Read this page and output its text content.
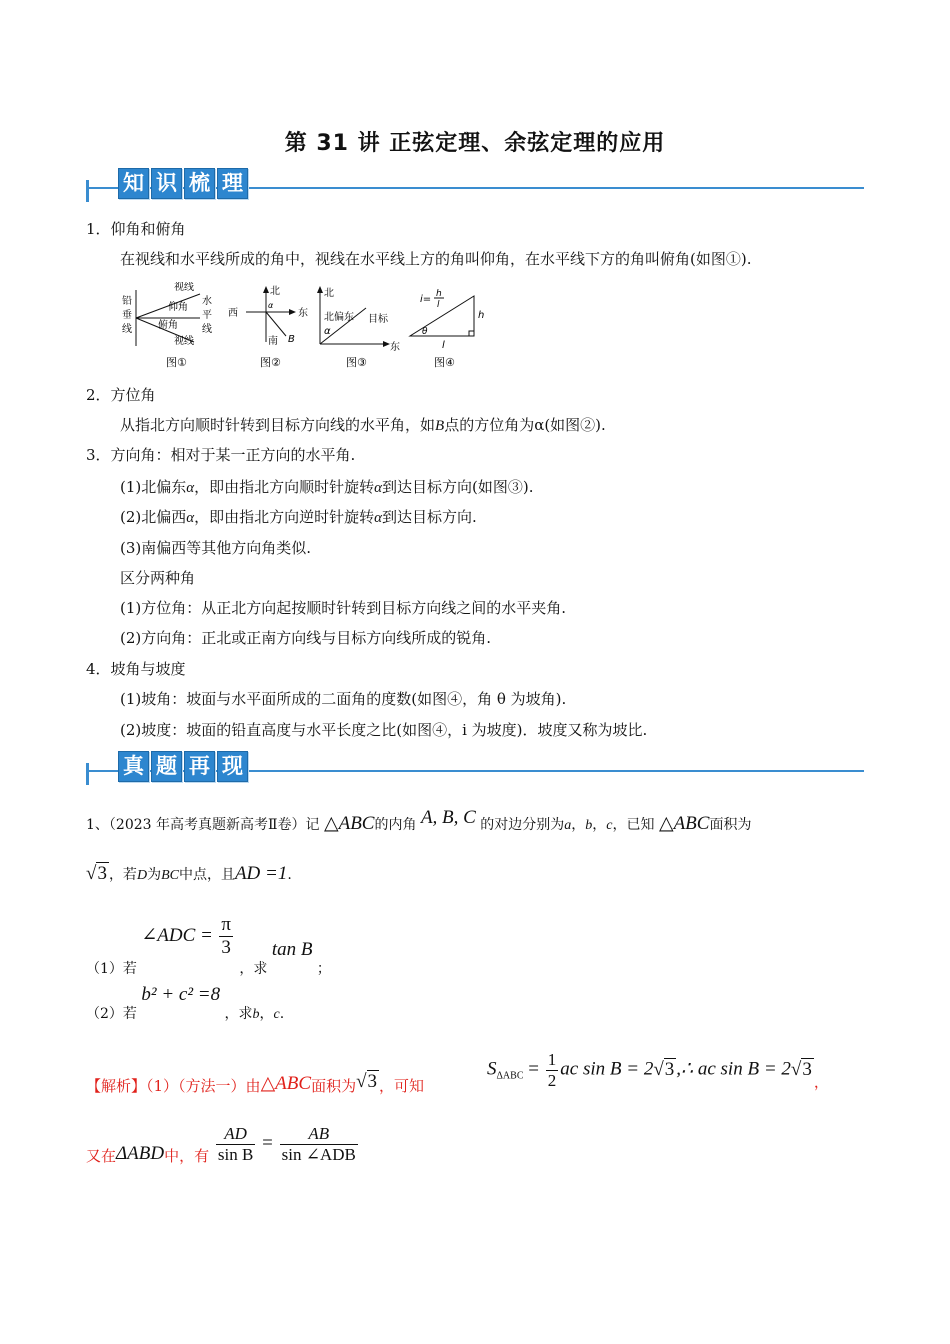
第 31 讲 正弦定理、余弦定理的应用
知 识 梳 理
1．仰角和俯角
在视线和水平线所成的角中，视线在水平线上方的角叫仰角，在水平线下方的角叫俯角(如图①).
铅
垂
线
视线
仰角
水
平
线
俯角
视线
图①
北
西	东
南 B
α
图②
北
北偏东
α
目标
东
图③
i= h
l
h
θ
l
图④
2．方位角
从指北方向顺时针转到目标方向线的水平角，如B点的方位角为α(如图②).
3．方向角：相对于某一正方向的水平角.
(1)北偏东α，即由指北方向顺时针旋转α到达目标方向(如图③).
(2)北偏西α，即由指北方向逆时针旋转α到达目标方向.
(3)南偏西等其他方向角类似.
区分两种角
(1)方位角：从正北方向起按顺时针转到目标方向线之间的水平夹角.
(2)方向角：正北或正南方向线与目标方向线所成的锐角.
4．坡角与坡度
(1)坡角：坡面与水平面所成的二面角的度数(如图④，角 θ 为坡角).
(2)坡度：坡面的铅直高度与水平长度之比(如图④，i 为坡度)．坡度又称为坡比.
真 题 再 现
1、（2023 年高考真题新高考Ⅱ卷）记 △ABC的内角 A, B, C 的对边分别为a，b，c，已知 △ABC面积为
√3 ，若D为BC中点，且AD =1.
（1）若 ∠ADC = $\frac{\pi}{3}$
，求 tan B ；
（2）若 b² + c² =8 ，求b，c.
【解析】（1）（方法一）由△ABC面积为√3 ，可知
$S_{\Delta ABC} = \frac{1}{2}$ ac sin B = 2√3 ,∴ ac sin B = 2√3，
又在ΔABD中，有 $\frac{AD}{\text{sin B}} = \frac{AB}{\text{sin ∠ADB}}$
